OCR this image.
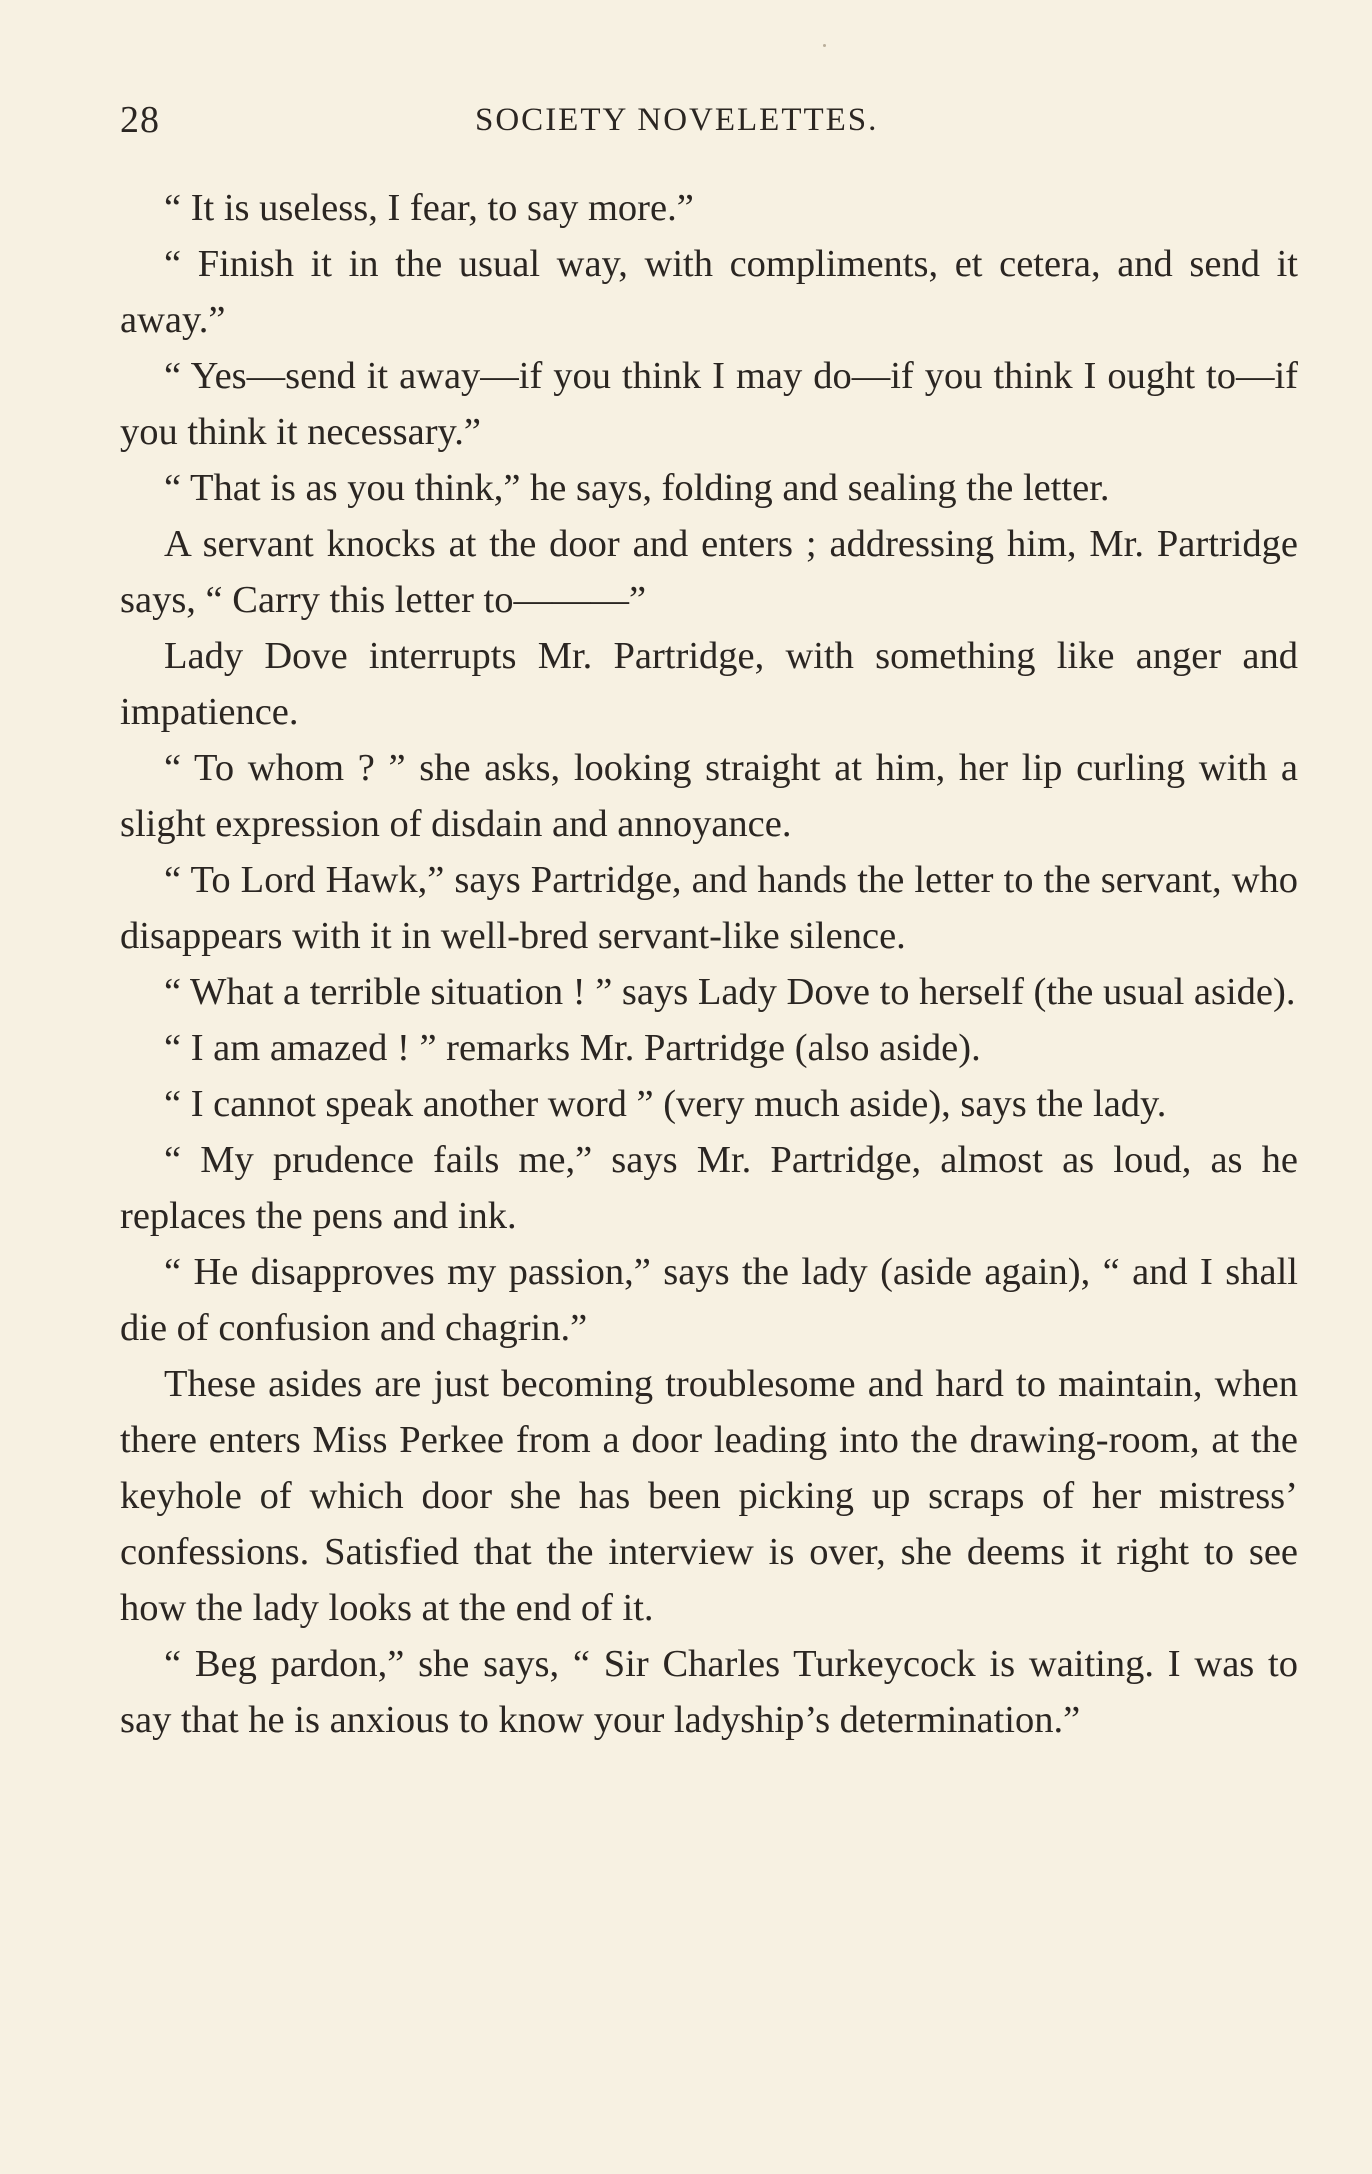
28	SOCIETY NOVELETTES.

“ It is useless, I fear, to say more.”

“ Finish it in the usual way, with compliments, et cetera, and send it away.”

“ Yes—send it away—if you think I may do—if you think I ought to—if you think it necessary.”

“ That is as you think,” he says, folding and sealing the letter.

A servant knocks at the door and enters ; addressing him, Mr. Partridge says, “ Carry this letter to———”

Lady Dove interrupts Mr. Partridge, with something like anger and impatience.

“ To whom ? ” she asks, looking straight at him, her lip curling with a slight expression of disdain and annoyance.

“ To Lord Hawk,” says Partridge, and hands the letter to the servant, who disappears with it in well-bred servant-like silence.

“ What a terrible situation ! ” says Lady Dove to herself (the usual aside).

“ I am amazed ! ” remarks Mr. Partridge (also aside).

“ I cannot speak another word ” (very much aside), says the lady.

“ My prudence fails me,” says Mr. Partridge, almost as loud, as he replaces the pens and ink.

“ He disapproves my passion,” says the lady (aside again), “ and I shall die of confusion and chagrin.”

These asides are just becoming troublesome and hard to maintain, when there enters Miss Perkee from a door leading into the drawing-room, at the keyhole of which door she has been picking up scraps of her mistress’ confessions. Satisfied that the interview is over, she deems it right to see how the lady looks at the end of it.

“ Beg pardon,” she says, “ Sir Charles Turkeycock is waiting. I was to say that he is anxious to know your ladyship’s determination.”
